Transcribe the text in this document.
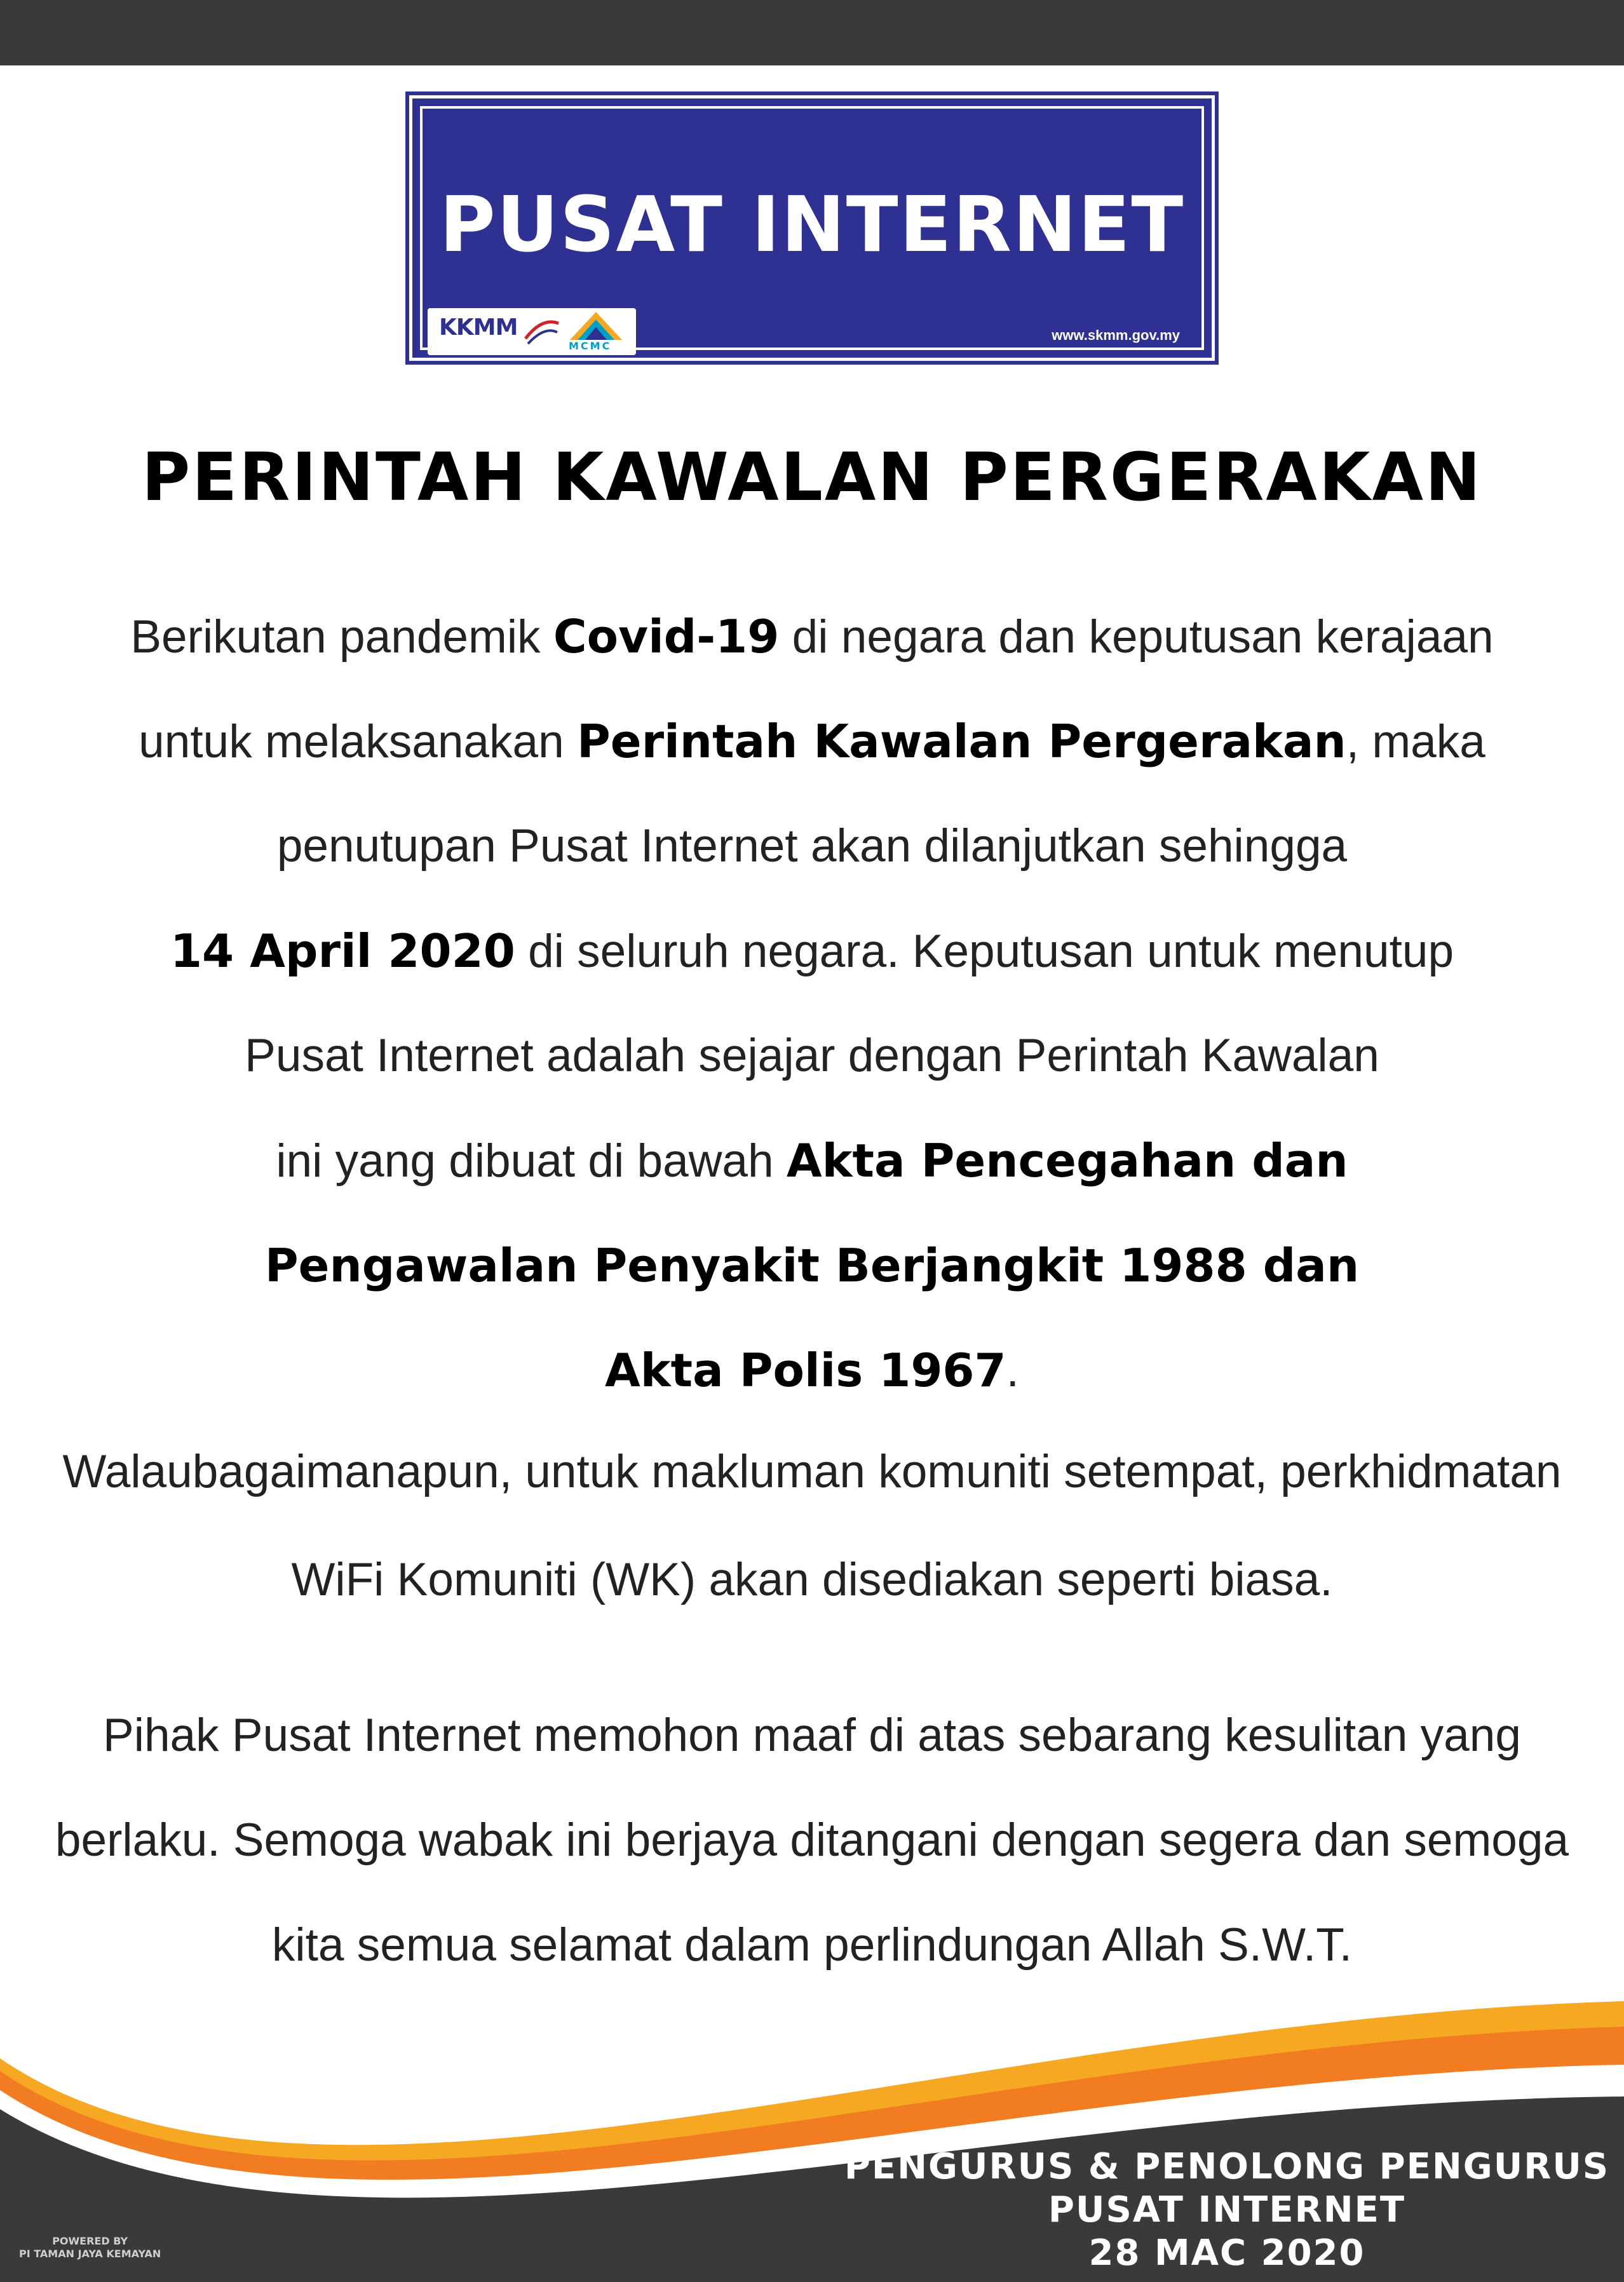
PUSAT INTERNET
KKMM
MCMC
www.skmm.gov.my
PERINTAH KAWALAN PERGERAKAN
Berikutan pandemik Covid-19 di negara dan keputusan kerajaan
untuk melaksanakan Perintah Kawalan Pergerakan, maka
penutupan Pusat Internet akan dilanjutkan sehingga
14 April 2020 di seluruh negara. Keputusan untuk menutup
Pusat Internet adalah sejajar dengan Perintah Kawalan
ini yang dibuat di bawah Akta Pencegahan dan
Pengawalan Penyakit Berjangkit 1988 dan
Akta Polis 1967.
Walaubagaimanapun, untuk makluman komuniti setempat, perkhidmatan
WiFi Komuniti (WK) akan disediakan seperti biasa.
Pihak Pusat Internet memohon maaf di atas sebarang kesulitan yang
berlaku. Semoga wabak ini berjaya ditangani dengan segera dan semoga
kita semua selamat dalam perlindungan Allah S.W.T.
PENGURUS & PENOLONG PENGURUS
PUSAT INTERNET
28 MAC 2020
POWERED BY
PI TAMAN JAYA KEMAYAN
